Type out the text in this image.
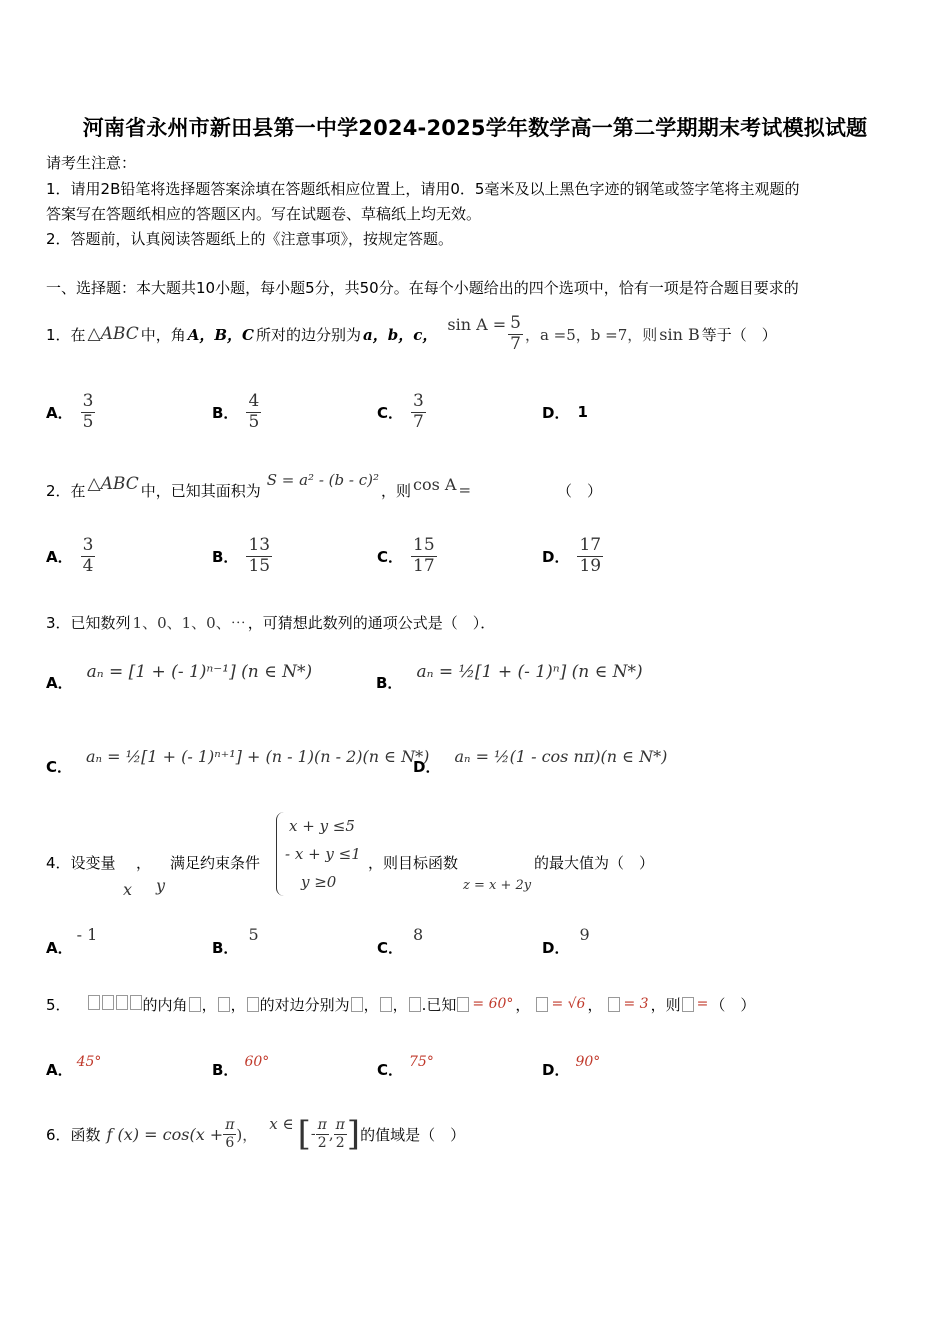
河南省永州市新田县第一中学2024-2025学年数学高一第二学期期末考试模拟试题
请考生注意：
1．请用2B铅笔将选择题答案涂填在答题纸相应位置上，请用0．5毫米及以上黑色字迹的钢笔或签字笔将主观题的
答案写在答题纸相应的答题区内。写在试题卷、草稿纸上均无效。
2．答题前，认真阅读答题纸上的《注意事项》，按规定答题。
一、选择题：本大题共10小题，每小题5分，共50分。在每个小题给出的四个选项中，恰有一项是符合题目要求的
1．在 △ABC 中，角 A，B，C 所对的边分别为 a，b，c，
$\sin A = \frac{5}{7}$ ，a =5，b =7，则 sin B 等于（　）
A． $\frac{3}{5}$	B． $\frac{4}{5}$	C． $\frac{3}{7}$	D． 1
2．在 △ABC 中，已知其面积为
S = a² - (b - c)²
，则 cos A =	（　）
A． $\frac{3}{4}$	B． $\frac{13}{15}$	C． $\frac{15}{17}$	D． $\frac{17}{19}$
3．已知数列 1、0、1、0、⋯ ，可猜想此数列的通项公式是（　）．
A．
aₙ = [1 + (- 1)ⁿ⁻¹] (n ∈ N*)
B．
aₙ = ½[1 + (- 1)ⁿ] (n ∈ N*)
C．
aₙ = ½[1 + (- 1)ⁿ⁺¹] + (n - 1)(n - 2)(n ∈ N*)
D．
aₙ = ½(1 - cos nπ)(n ∈ N*)
4．设变量 ， 满足约束条件
x y
x + y ≤5
- x + y ≤1
y ≥0
，则目标函数
z = x + 2y
的最大值为（　）
A．
- 1
B．
5
C．
8
D．
9
5．	的内角 ， ， 的对边分别为 ， ， .已知 = 60° ， = √6 ， = 3 ，则 = （　）
A． 45°	B． 60°	C． 75°	D． 90°
6．函数 f $(x) = \cos(x + \frac{\pi}{6}$ )，
x ∈ [ - $\frac{\pi}{2}$ , $\frac{\pi}{2}$ ] 的值域是（　）
